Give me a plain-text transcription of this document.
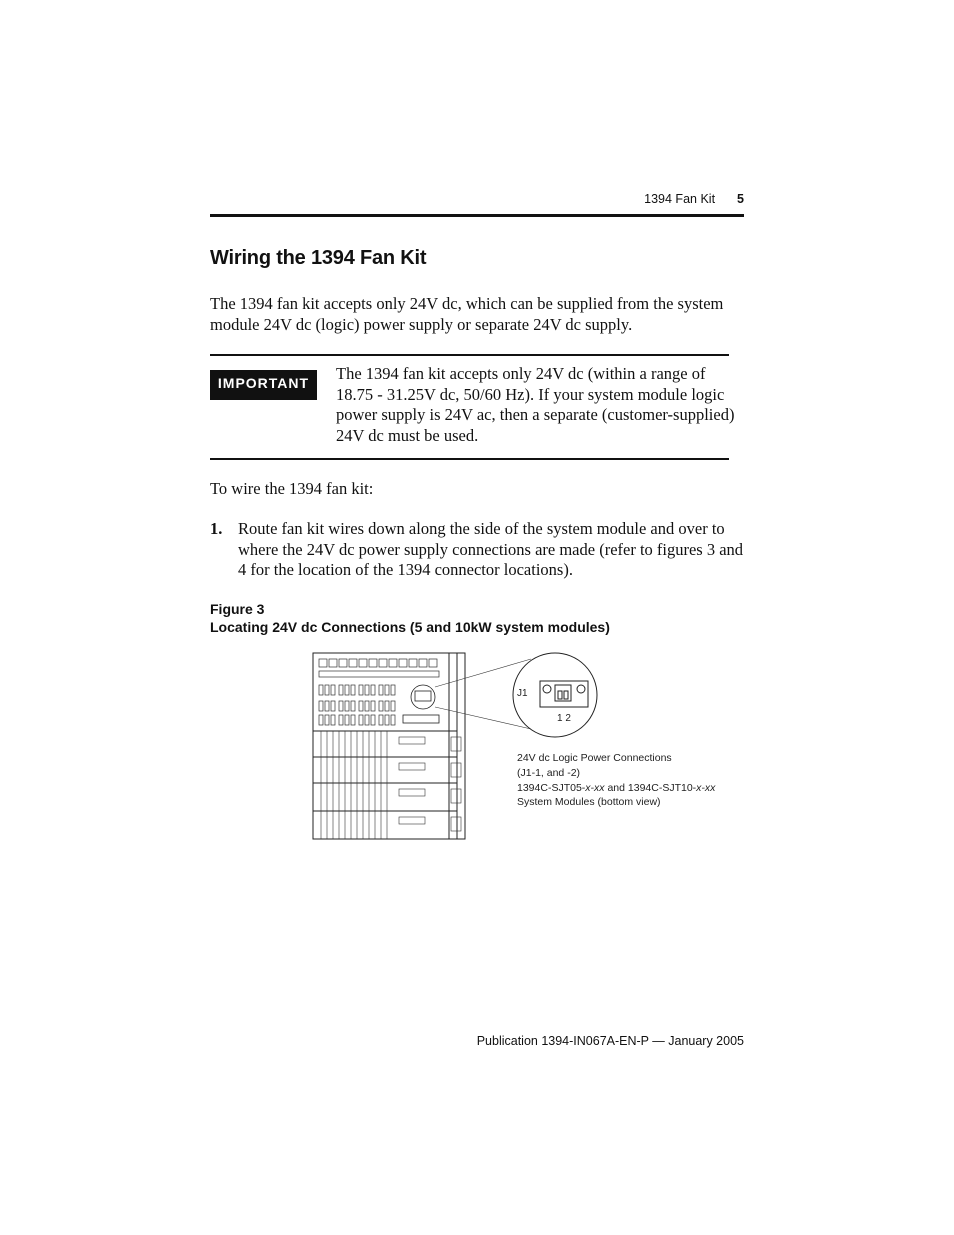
1394 Fan Kit 5
Wiring the 1394 Fan Kit

The 1394 fan kit accepts only 24V dc, which can be supplied from the system module 24V dc (logic) power supply or separate 24V dc supply.

IMPORTANT	The 1394 fan kit accepts only 24V dc (within a range of 18.75 - 31.25V dc, 50/60 Hz). If your system module logic power supply is 24V ac, then a separate (customer-supplied) 24V dc must be used.

To wire the 1394 fan kit:

1. Route fan kit wires down along the side of the system module and over to where the 24V dc power supply connections are made (refer to figures 3 and 4 for the location of the 1394 connector locations).

Figure 3
Locating 24V dc Connections (5 and 10kW system modules)
J1
1 2
24V dc Logic Power Connections
(J1-1, and -2)
1394C-SJT05-x-xx and 1394C-SJT10-x-xx
System Modules (bottom view)
Publication 1394-IN067A-EN-P — January 2005
